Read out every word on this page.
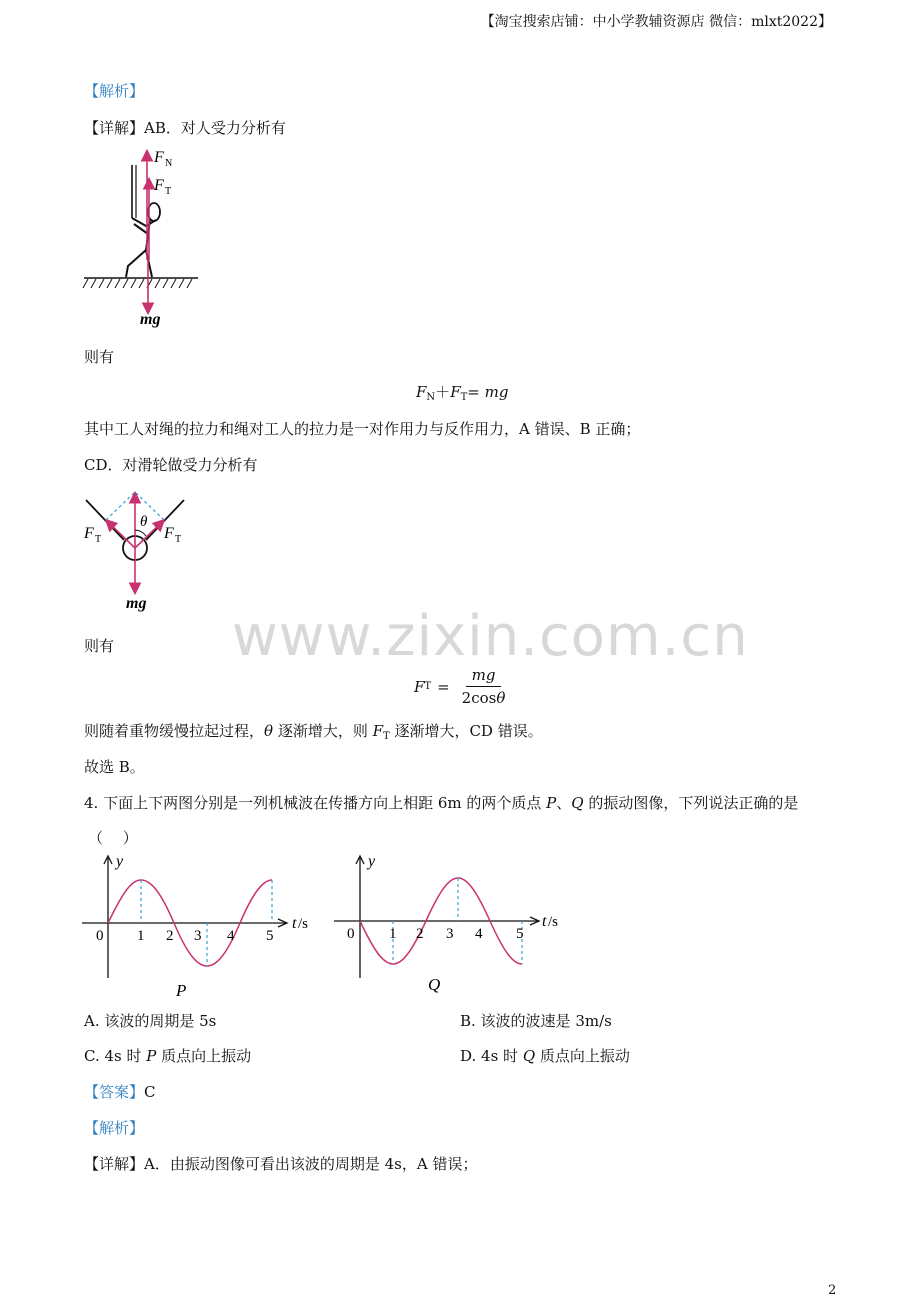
【淘宝搜索店铺：中小学教辅资源店 微信：mlxt2022】
www.zixin.com.cn
【解析】
【详解】AB．对人受力分析有
F N
F T
mg
则有
$F_N+F_T=$ mg
其中工人对绳的拉力和绳对工人的拉力是一对作用力与反作用力，A 错误、B 正确；
CD．对滑轮做受力分析有
θ
F T	F T
mg
则有
F $T = \frac{mg}{2\cos\theta}$
则随着重物缓慢拉起过程，θ 逐渐增大，则 $F_T$ 逐渐增大，CD 错误。
故选 B。
4. 下面上下两图分别是一列机械波在传播方向上相距 6m 的两个质点 P、Q 的振动图像，下列说法正确的是
（　 ）
y
t /s
0 1 2 3 4 5
P
y
t /s
0 1 2 3 4 5
Q
A. 该波的周期是 5s	B. 该波的波速是 3m/s
C. 4s 时 P 质点向上振动	D. 4s 时 Q 质点向上振动
【答案】C
【解析】
【详解】A．由振动图像可看出该波的周期是 4s，A 错误；
2
